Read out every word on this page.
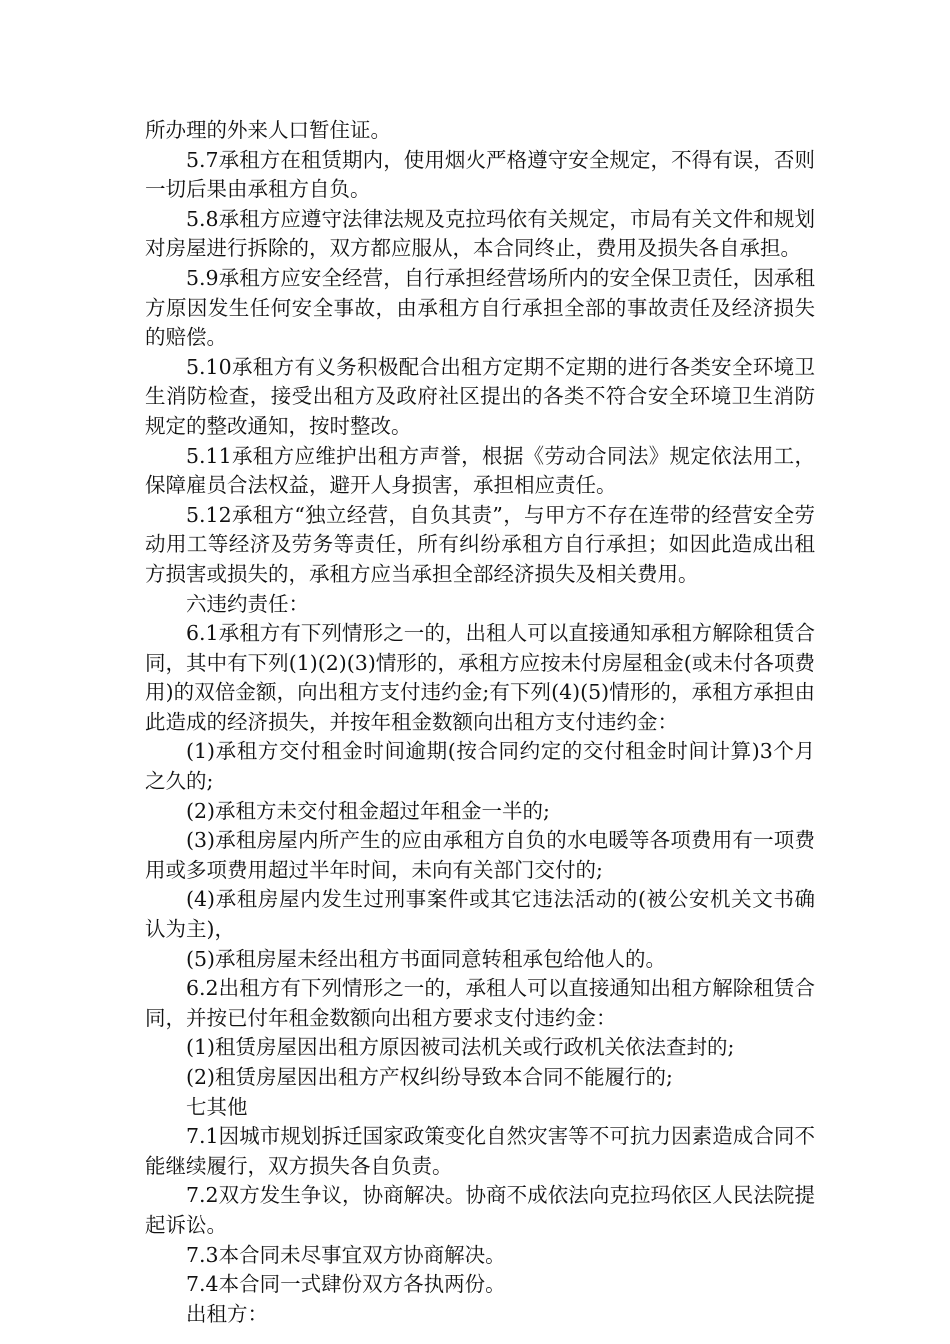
所办理的外来人口暂住证。

5.7承租方在租赁期内，使用烟火严格遵守安全规定，不得有误，否则一切后果由承租方自负。

5.8承租方应遵守法律法规及克拉玛依有关规定，市局有关文件和规划对房屋进行拆除的，双方都应服从，本合同终止，费用及损失各自承担。

5.9承租方应安全经营，自行承担经营场所内的安全保卫责任，因承租方原因发生任何安全事故，由承租方自行承担全部的事故责任及经济损失的赔偿。

5.10承租方有义务积极配合出租方定期不定期的进行各类安全环境卫生消防检查，接受出租方及政府社区提出的各类不符合安全环境卫生消防规定的整改通知，按时整改。

5.11承租方应维护出租方声誉，根据《劳动合同法》规定依法用工，保障雇员合法权益，避开人身损害，承担相应责任。

5.12承租方“独立经营，自负其责”，与甲方不存在连带的经营安全劳动用工等经济及劳务等责任，所有纠纷承租方自行承担；如因此造成出租方损害或损失的，承租方应当承担全部经济损失及相关费用。

六违约责任：

6.1承租方有下列情形之一的，出租人可以直接通知承租方解除租赁合同，其中有下列(1)(2)(3)情形的，承租方应按未付房屋租金(或未付各项费用)的双倍金额，向出租方支付违约金;有下列(4)(5)情形的，承租方承担由此造成的经济损失，并按年租金数额向出租方支付违约金：

(1)承租方交付租金时间逾期(按合同约定的交付租金时间计算)3个月之久的;

(2)承租方未交付租金超过年租金一半的;

(3)承租房屋内所产生的应由承租方自负的水电暖等各项费用有一项费用或多项费用超过半年时间，未向有关部门交付的;

(4)承租房屋内发生过刑事案件或其它违法活动的(被公安机关文书确认为主)，

(5)承租房屋未经出租方书面同意转租承包给他人的。

6.2出租方有下列情形之一的，承租人可以直接通知出租方解除租赁合同，并按已付年租金数额向出租方要求支付违约金：

(1)租赁房屋因出租方原因被司法机关或行政机关依法查封的;

(2)租赁房屋因出租方产权纠纷导致本合同不能履行的;

七其他

7.1因城市规划拆迁国家政策变化自然灾害等不可抗力因素造成合同不能继续履行，双方损失各自负责。

7.2双方发生争议，协商解决。协商不成依法向克拉玛依区人民法院提起诉讼。

7.3本合同未尽事宜双方协商解决。

7.4本合同一式肆份双方各执两份。

出租方：
